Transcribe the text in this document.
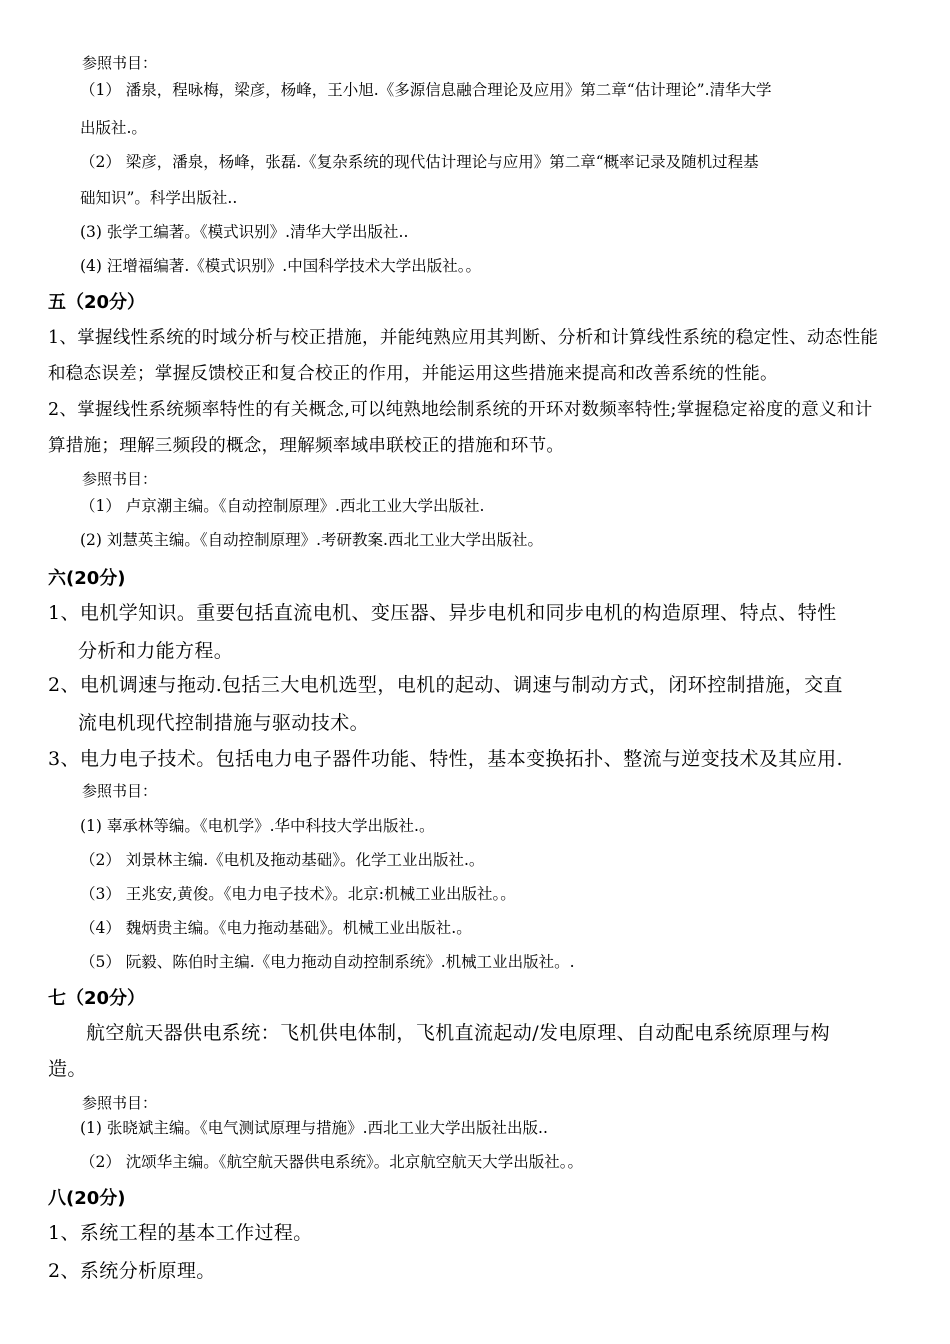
参照书目：
（1） 潘泉，程咏梅，梁彦，杨峰，王小旭.《多源信息融合理论及应用》第二章“估计理论”.清华大学
出版社.。
（2） 梁彦，潘泉，杨峰，张磊.《复杂系统的现代估计理论与应用》第二章“概率记录及随机过程基
础知识”。科学出版社..
(3) 张学工编著。《模式识别》.清华大学出版社..
(4) 汪增福编著.《模式识别》.中国科学技术大学出版社。。
五（20分）
1、掌握线性系统的时域分析与校正措施，并能纯熟应用其判断、分析和计算线性系统的稳定性、动态性能
和稳态误差；掌握反馈校正和复合校正的作用，并能运用这些措施来提高和改善系统的性能。
2、掌握线性系统频率特性的有关概念,可以纯熟地绘制系统的开环对数频率特性;掌握稳定裕度的意义和计
算措施；理解三频段的概念，理解频率域串联校正的措施和环节。
参照书目：
（1） 卢京潮主编。《自动控制原理》.西北工业大学出版社.
(2) 刘慧英主编。《自动控制原理》.考研教案.西北工业大学出版社。
六(20分)
1、电机学知识。重要包括直流电机、变压器、异步电机和同步电机的构造原理、特点、特性
分析和力能方程。
2、电机调速与拖动.包括三大电机选型，电机的起动、调速与制动方式，闭环控制措施，交直
流电机现代控制措施与驱动技术。
3、电力电子技术。包括电力电子器件功能、特性，基本变换拓扑、整流与逆变技术及其应用.
参照书目：
(1) 辜承林等编。《电机学》.华中科技大学出版社.。
（2） 刘景林主编.《电机及拖动基础》。化学工业出版社.。
（3） 王兆安,黄俊。《电力电子技术》。北京:机械工业出版社。。
（4） 魏炳贵主编。《电力拖动基础》。机械工业出版社.。
（5） 阮毅、陈伯时主编.《电力拖动自动控制系统》.机械工业出版社。.
七（20分）
航空航天器供电系统：飞机供电体制，飞机直流起动/发电原理、自动配电系统原理与构
造。
参照书目：
(1) 张晓斌主编。《电气测试原理与措施》.西北工业大学出版社出版..
（2） 沈颂华主编。《航空航天器供电系统》。北京航空航天大学出版社。。
八(20分)
1、系统工程的基本工作过程。
2、系统分析原理。
